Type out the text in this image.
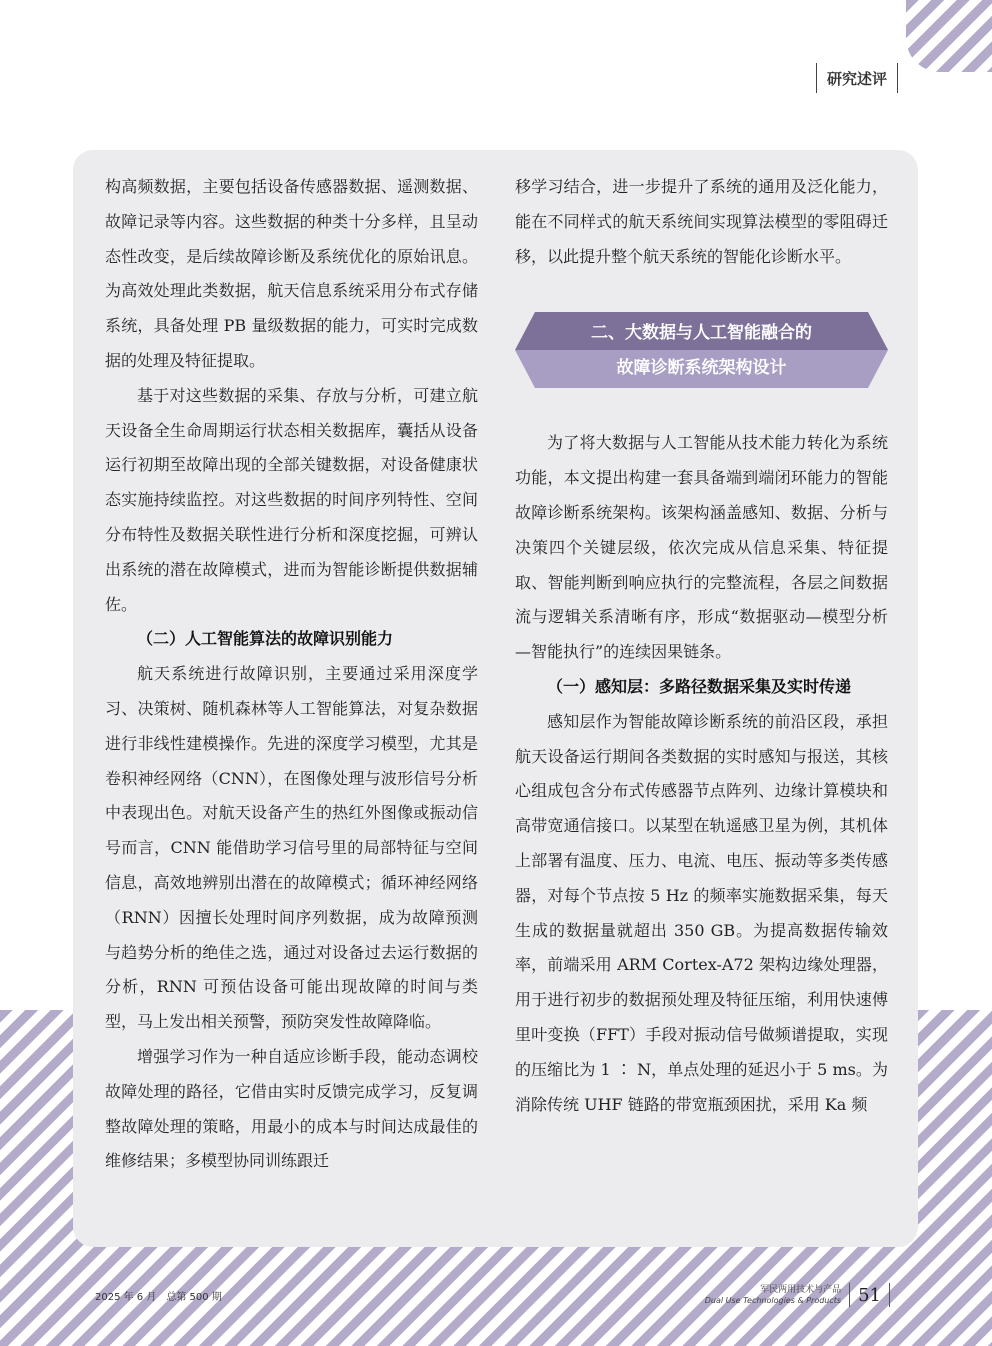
研究述评

构高频数据，主要包括设备传感器数据、遥测数据、故障记录等内容。这些数据的种类十分多样，且呈动态性改变，是后续故障诊断及系统优化的原始讯息。为高效处理此类数据，航天信息系统采用分布式存储系统，具备处理 PB 量级数据的能力，可实时完成数据的处理及特征提取。

基于对这些数据的采集、存放与分析，可建立航天设备全生命周期运行状态相关数据库，囊括从设备运行初期至故障出现的全部关键数据，对设备健康状态实施持续监控。对这些数据的时间序列特性、空间分布特性及数据关联性进行分析和深度挖掘，可辨认出系统的潜在故障模式，进而为智能诊断提供数据辅佐。

（二）人工智能算法的故障识别能力

航天系统进行故障识别，主要通过采用深度学习、决策树、随机森林等人工智能算法，对复杂数据进行非线性建模操作。先进的深度学习模型，尤其是卷积神经网络（CNN），在图像处理与波形信号分析中表现出色。对航天设备产生的热红外图像或振动信号而言，CNN 能借助学习信号里的局部特征与空间信息，高效地辨别出潜在的故障模式；循环神经网络（RNN）因擅长处理时间序列数据，成为故障预测与趋势分析的绝佳之选，通过对设备过去运行数据的分析，RNN 可预估设备可能出现故障的时间与类型，马上发出相关预警，预防突发性故障降临。

增强学习作为一种自适应诊断手段，能动态调校故障处理的路径，它借由实时反馈完成学习，反复调整故障处理的策略，用最小的成本与时间达成最佳的维修结果；多模型协同训练跟迁

移学习结合，进一步提升了系统的通用及泛化能力，能在不同样式的航天系统间实现算法模型的零阻碍迁移，以此提升整个航天系统的智能化诊断水平。

二、大数据与人工智能融合的
故障诊断系统架构设计

为了将大数据与人工智能从技术能力转化为系统功能，本文提出构建一套具备端到端闭环能力的智能故障诊断系统架构。该架构涵盖感知、数据、分析与决策四个关键层级，依次完成从信息采集、特征提取、智能判断到响应执行的完整流程，各层之间数据流与逻辑关系清晰有序，形成“数据驱动—模型分析—智能执行”的连续因果链条。

（一）感知层：多路径数据采集及实时传递

感知层作为智能故障诊断系统的前沿区段，承担航天设备运行期间各类数据的实时感知与报送，其核心组成包含分布式传感器节点阵列、边缘计算模块和高带宽通信接口。以某型在轨遥感卫星为例，其机体上部署有温度、压力、电流、电压、振动等多类传感器，对每个节点按 5 Hz 的频率实施数据采集，每天生成的数据量就超出 350 GB。为提高数据传输效率，前端采用 ARM Cortex-A72 架构边缘处理器，用于进行初步的数据预处理及特征压缩，利用快速傅里叶变换（FFT）手段对振动信号做频谱提取，实现的压缩比为 1 ∶ N，单点处理的延迟小于 5 ms。为消除传统 UHF 链路的带宽瓶颈困扰，采用 Ka 频

2025 年 6 月　总第 500 期
军民两用技术与产品
Dual Use Technologies & Products 51
